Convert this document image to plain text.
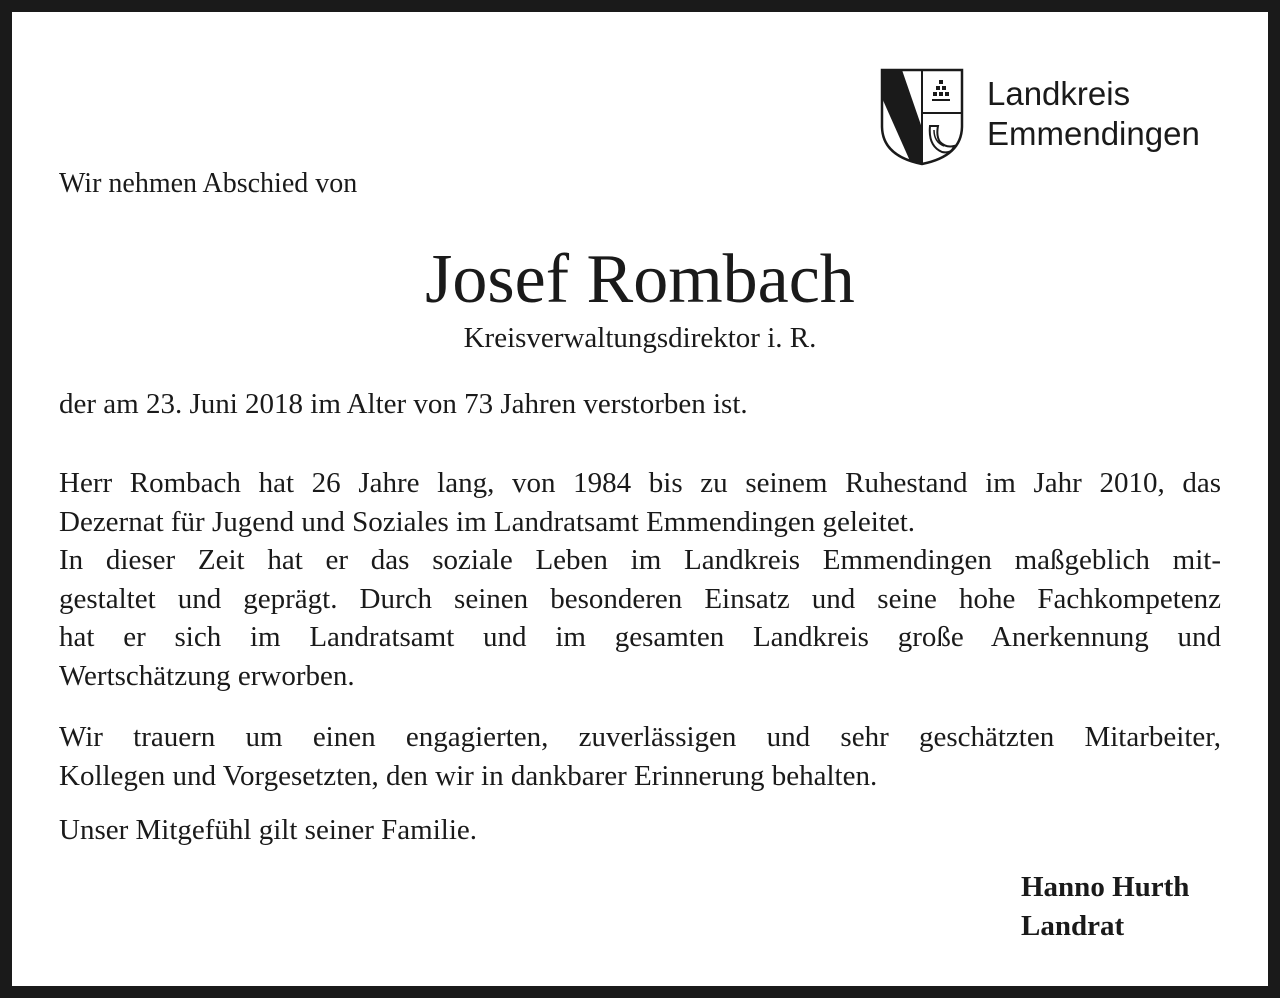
Landkreis
Emmendingen
Wir nehmen Abschied von
Josef Rombach
Kreisverwaltungsdirektor i. R.
der am 23. Juni 2018 im Alter von 73 Jahren verstorben ist.
Herr Rombach hat 26 Jahre lang, von 1984 bis zu seinem Ruhestand im Jahr 2010, das
Dezernat für Jugend und Soziales im Landratsamt Emmendingen geleitet.
In dieser Zeit hat er das soziale Leben im Landkreis Emmendingen maßgeblich mit-
gestaltet und geprägt. Durch seinen besonderen Einsatz und seine hohe Fachkompetenz
hat er sich im Landratsamt und im gesamten Landkreis große Anerkennung und
Wertschätzung erworben.
Wir trauern um einen engagierten, zuverlässigen und sehr geschätzten Mitarbeiter,
Kollegen und Vorgesetzten, den wir in dankbarer Erinnerung behalten.
Unser Mitgefühl gilt seiner Familie.
Hanno Hurth
Landrat
